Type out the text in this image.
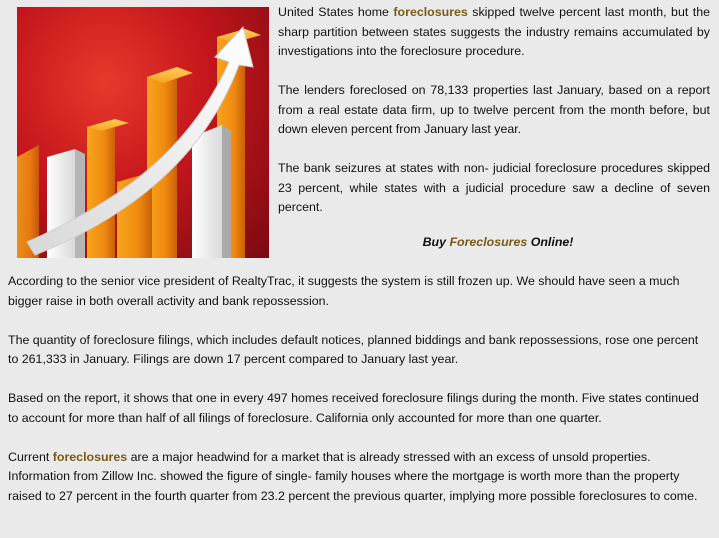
United States home foreclosures skipped twelve percent last month, but the sharp partition between states suggests the industry remains accumulated by investigations into the foreclosure procedure.

The lenders foreclosed on 78,133 properties last January, based on a report from a real estate data firm, up to twelve percent from the month before, but down eleven percent from January last year.

The bank seizures at states with non- judicial foreclosure procedures skipped 23 percent, while states with a judicial procedure saw a decline of seven percent.

Buy Foreclosures Online!

According to the senior vice president of RealtyTrac, it suggests the system is still frozen up. We should have seen a much bigger raise in both overall activity and bank repossession.

The quantity of foreclosure filings, which includes default notices, planned biddings and bank repossessions, rose one percent to 261,333 in January. Filings are down 17 percent compared to January last year.

Based on the report, it shows that one in every 497 homes received foreclosure filings during the month. Five states continued to account for more than half of all filings of foreclosure. California only accounted for more than one quarter.

Current foreclosures are a major headwind for a market that is already stressed with an excess of unsold properties. Information from Zillow Inc. showed the figure of single- family houses where the mortgage is worth more than the property raised to 27 percent in the fourth quarter from 23.2 percent the previous quarter, implying more possible foreclosures to come.
